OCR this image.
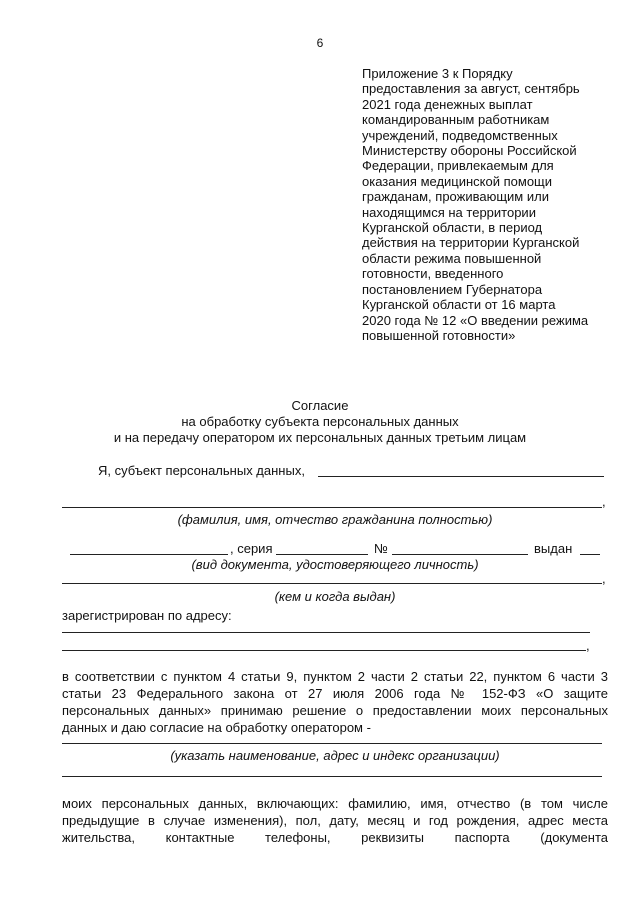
6
Приложение 3 к Порядку
предоставления за август, сентябрь
2021 года денежных выплат
командированным работникам
учреждений, подведомственных
Министерству обороны Российской
Федерации, привлекаемым для
оказания медицинской помощи
гражданам, проживающим или
находящимся на территории
Курганской области, в период
действия на территории Курганской
области режима повышенной
готовности, введенного
постановлением Губернатора
Курганской области от 16 марта
2020 года № 12 «О введении режима
повышенной готовности»
Согласие
на обработку субъекта персональных данных
и на передачу оператором их персональных данных третьим лицам
Я, субъект персональных данных,
,
(фамилия, имя, отчество гражданина полностью)
, серия	№	выдан
(вид документа, удостоверяющего личность)
,
(кем и когда выдан)
зарегистрирован по адресу:
,
в соответствии с пунктом 4 статьи 9, пунктом 2 части 2 статьи 22, пунктом 6 части 3
статьи 23 Федерального закона от 27 июля 2006 года № 152-ФЗ «О защите
персональных данных» принимаю решение о предоставлении моих персональных
данных и даю согласие на обработку оператором -
(указать наименование, адрес и индекс организации)
моих персональных данных, включающих: фамилию, имя, отчество (в том числе
предыдущие в случае изменения), пол, дату, месяц и год рождения, адрес места
жительства, контактные телефоны, реквизиты паспорта (документа
